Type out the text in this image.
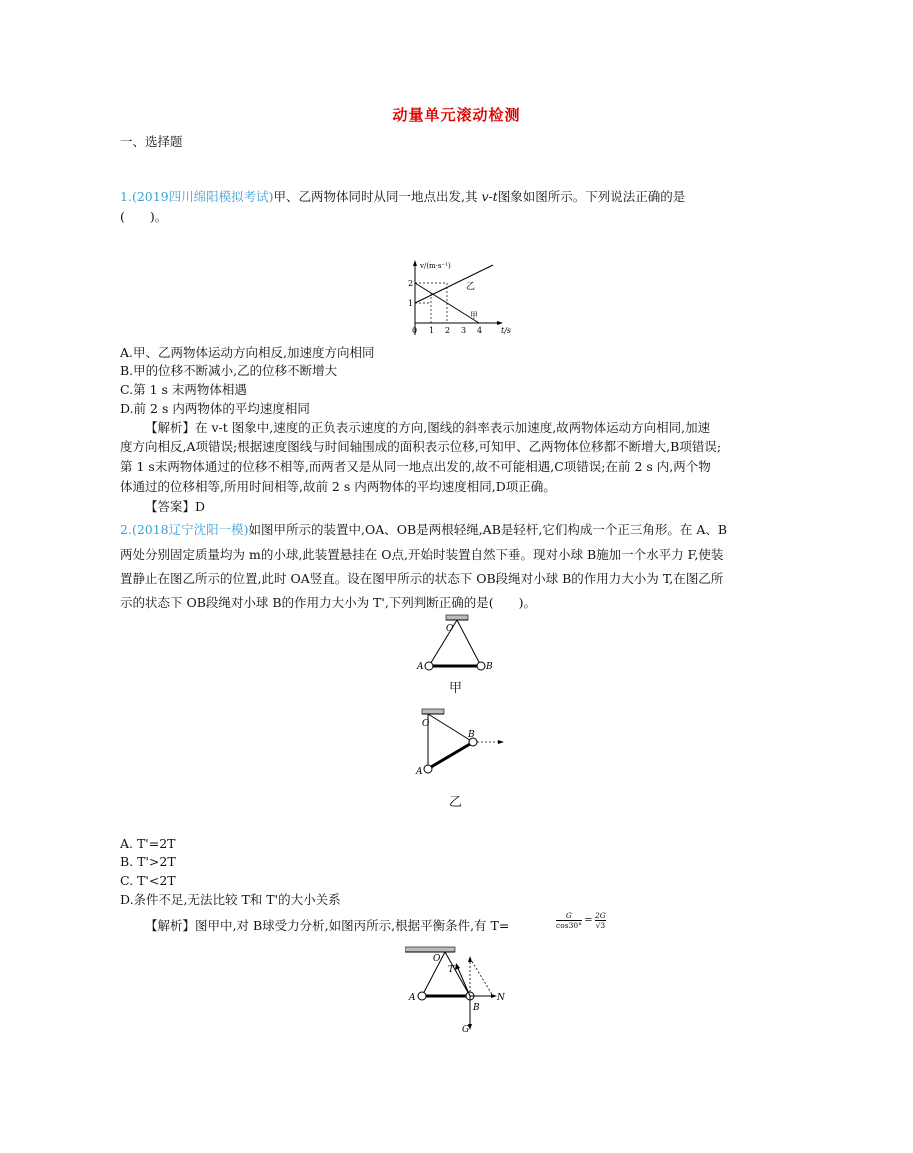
动量单元滚动检测
一、选择题
1.(2019四川绵阳模拟考试)甲、乙两物体同时从同一地点出发,其 v-t图象如图所示。下列说法正确的是
(　　)。
v/(m·s⁻¹)
t/s
0 1 2 3 4
1
2	乙
甲
A.甲、乙两物体运动方向相反,加速度方向相同
B.甲的位移不断减小,乙的位移不断增大
C.第 1 s 末两物体相遇
D.前 2 s 内两物体的平均速度相同
【解析】在 v-t 图象中,速度的正负表示速度的方向,图线的斜率表示加速度,故两物体运动方向相同,加速
度方向相反,A项错误;根据速度图线与时间轴围成的面积表示位移,可知甲、乙两物体位移都不断增大,B项错误;
第 1 s末两物体通过的位移不相等,而两者又是从同一地点出发的,故不可能相遇,C项错误;在前 2 s 内,两个物
体通过的位移相等,所用时间相等,故前 2 s 内两物体的平均速度相同,D项正确。
【答案】D
2.(2018辽宁沈阳一模)如图甲所示的装置中,OA、OB是两根轻绳,AB是轻杆,它们构成一个正三角形。在 A、B
两处分别固定质量均为 m的小球,此装置悬挂在 O点,开始时装置自然下垂。现对小球 B施加一个水平力 F,使装
置静止在图乙所示的位置,此时 OA竖直。设在图甲所示的状态下 OB段绳对小球 B的作用力大小为 T,在图乙所
示的状态下 OB段绳对小球 B的作用力大小为 T',下列判断正确的是(　　)。
O
A	B
甲
O
A
B
乙
A. T'=2T
B. T'>2T
C. T'<2T
D.条件不足,无法比较 T和 T'的大小关系
【解析】图甲中,对 B球受力分析,如图丙所示,根据平衡条件,有 T=	$\frac{G}{\cos 30^\circ} = \frac{2G}{√3}$
O
T
A
B
N
G
